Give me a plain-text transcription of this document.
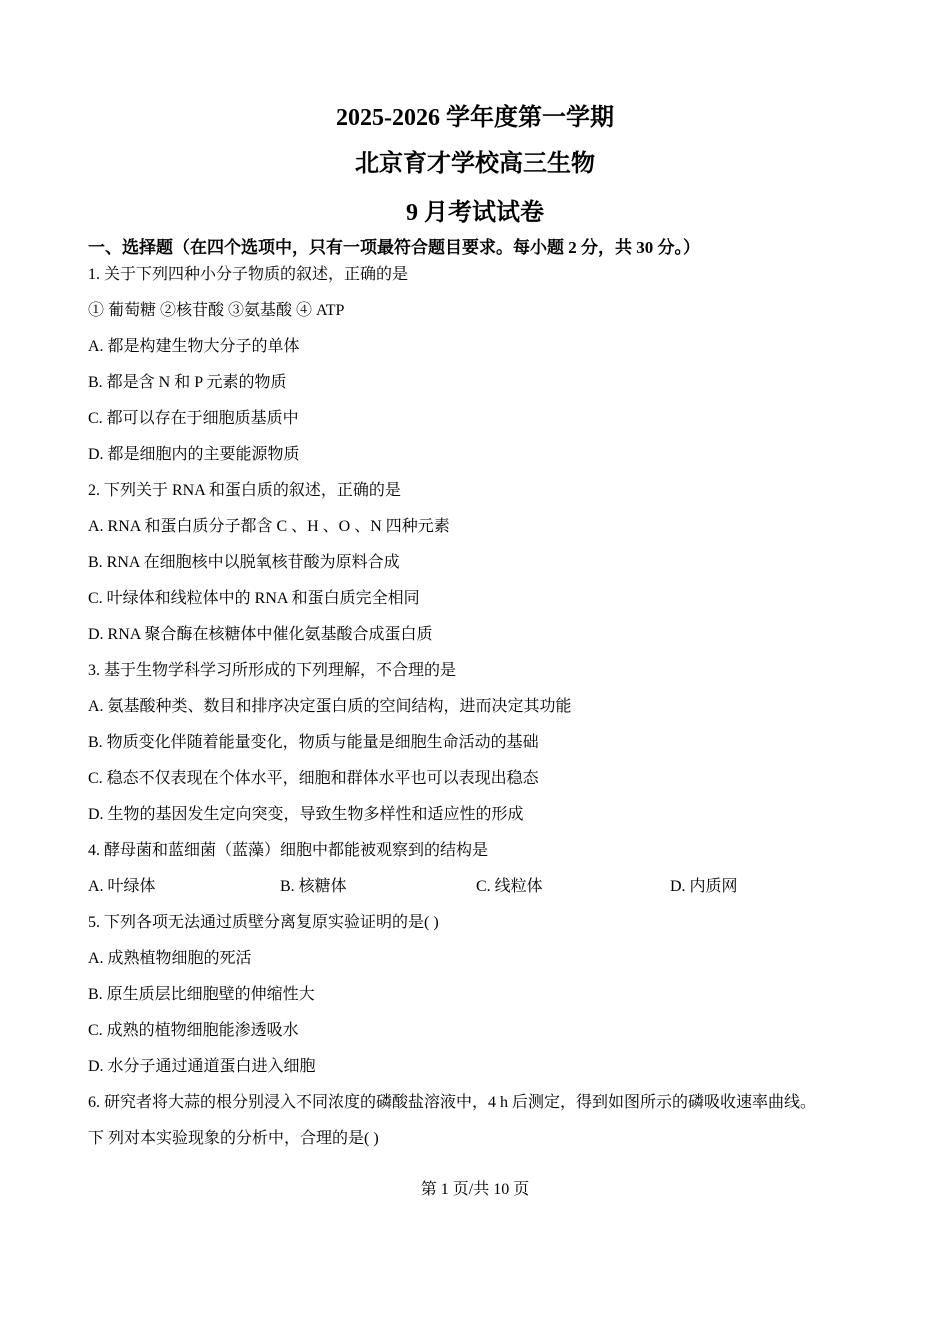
2025-2026 学年度第一学期
北京育才学校高三生物
9 月考试试卷
一、选择题（在四个选项中，只有一项最符合题目要求。每小题 2 分，共 30 分。）
1. 关于下列四种小分子物质的叙述，正确的是
① 葡萄糖 ②核苷酸 ③氨基酸 ④ ATP
A. 都是构建生物大分子的单体
B. 都是含 N 和 P 元素的物质
C. 都可以存在于细胞质基质中
D. 都是细胞内的主要能源物质
2. 下列关于 RNA 和蛋白质的叙述，正确的是
A. RNA 和蛋白质分子都含 C 、H 、O 、N 四种元素
B. RNA 在细胞核中以脱氧核苷酸为原料合成
C. 叶绿体和线粒体中的 RNA 和蛋白质完全相同
D. RNA 聚合酶在核糖体中催化氨基酸合成蛋白质
3. 基于生物学科学习所形成的下列理解，不合理的是
A. 氨基酸种类、数目和排序决定蛋白质的空间结构，进而决定其功能
B. 物质变化伴随着能量变化，物质与能量是细胞生命活动的基础
C. 稳态不仅表现在个体水平，细胞和群体水平也可以表现出稳态
D. 生物的基因发生定向突变，导致生物多样性和适应性的形成
4. 酵母菌和蓝细菌（蓝藻）细胞中都能被观察到的结构是
A. 叶绿体	B. 核糖体	C. 线粒体	D. 内质网
5. 下列各项无法通过质壁分离复原实验证明的是( )
A. 成熟植物细胞的死活
B. 原生质层比细胞壁的伸缩性大
C. 成熟的植物细胞能渗透吸水
D. 水分子通过通道蛋白进入细胞
6. 研究者将大蒜的根分别浸入不同浓度的磷酸盐溶液中，4 h 后测定，得到如图所示的磷吸收速率曲线。
下 列对本实验现象的分析中，合理的是( )
第 1 页/共 10 页
